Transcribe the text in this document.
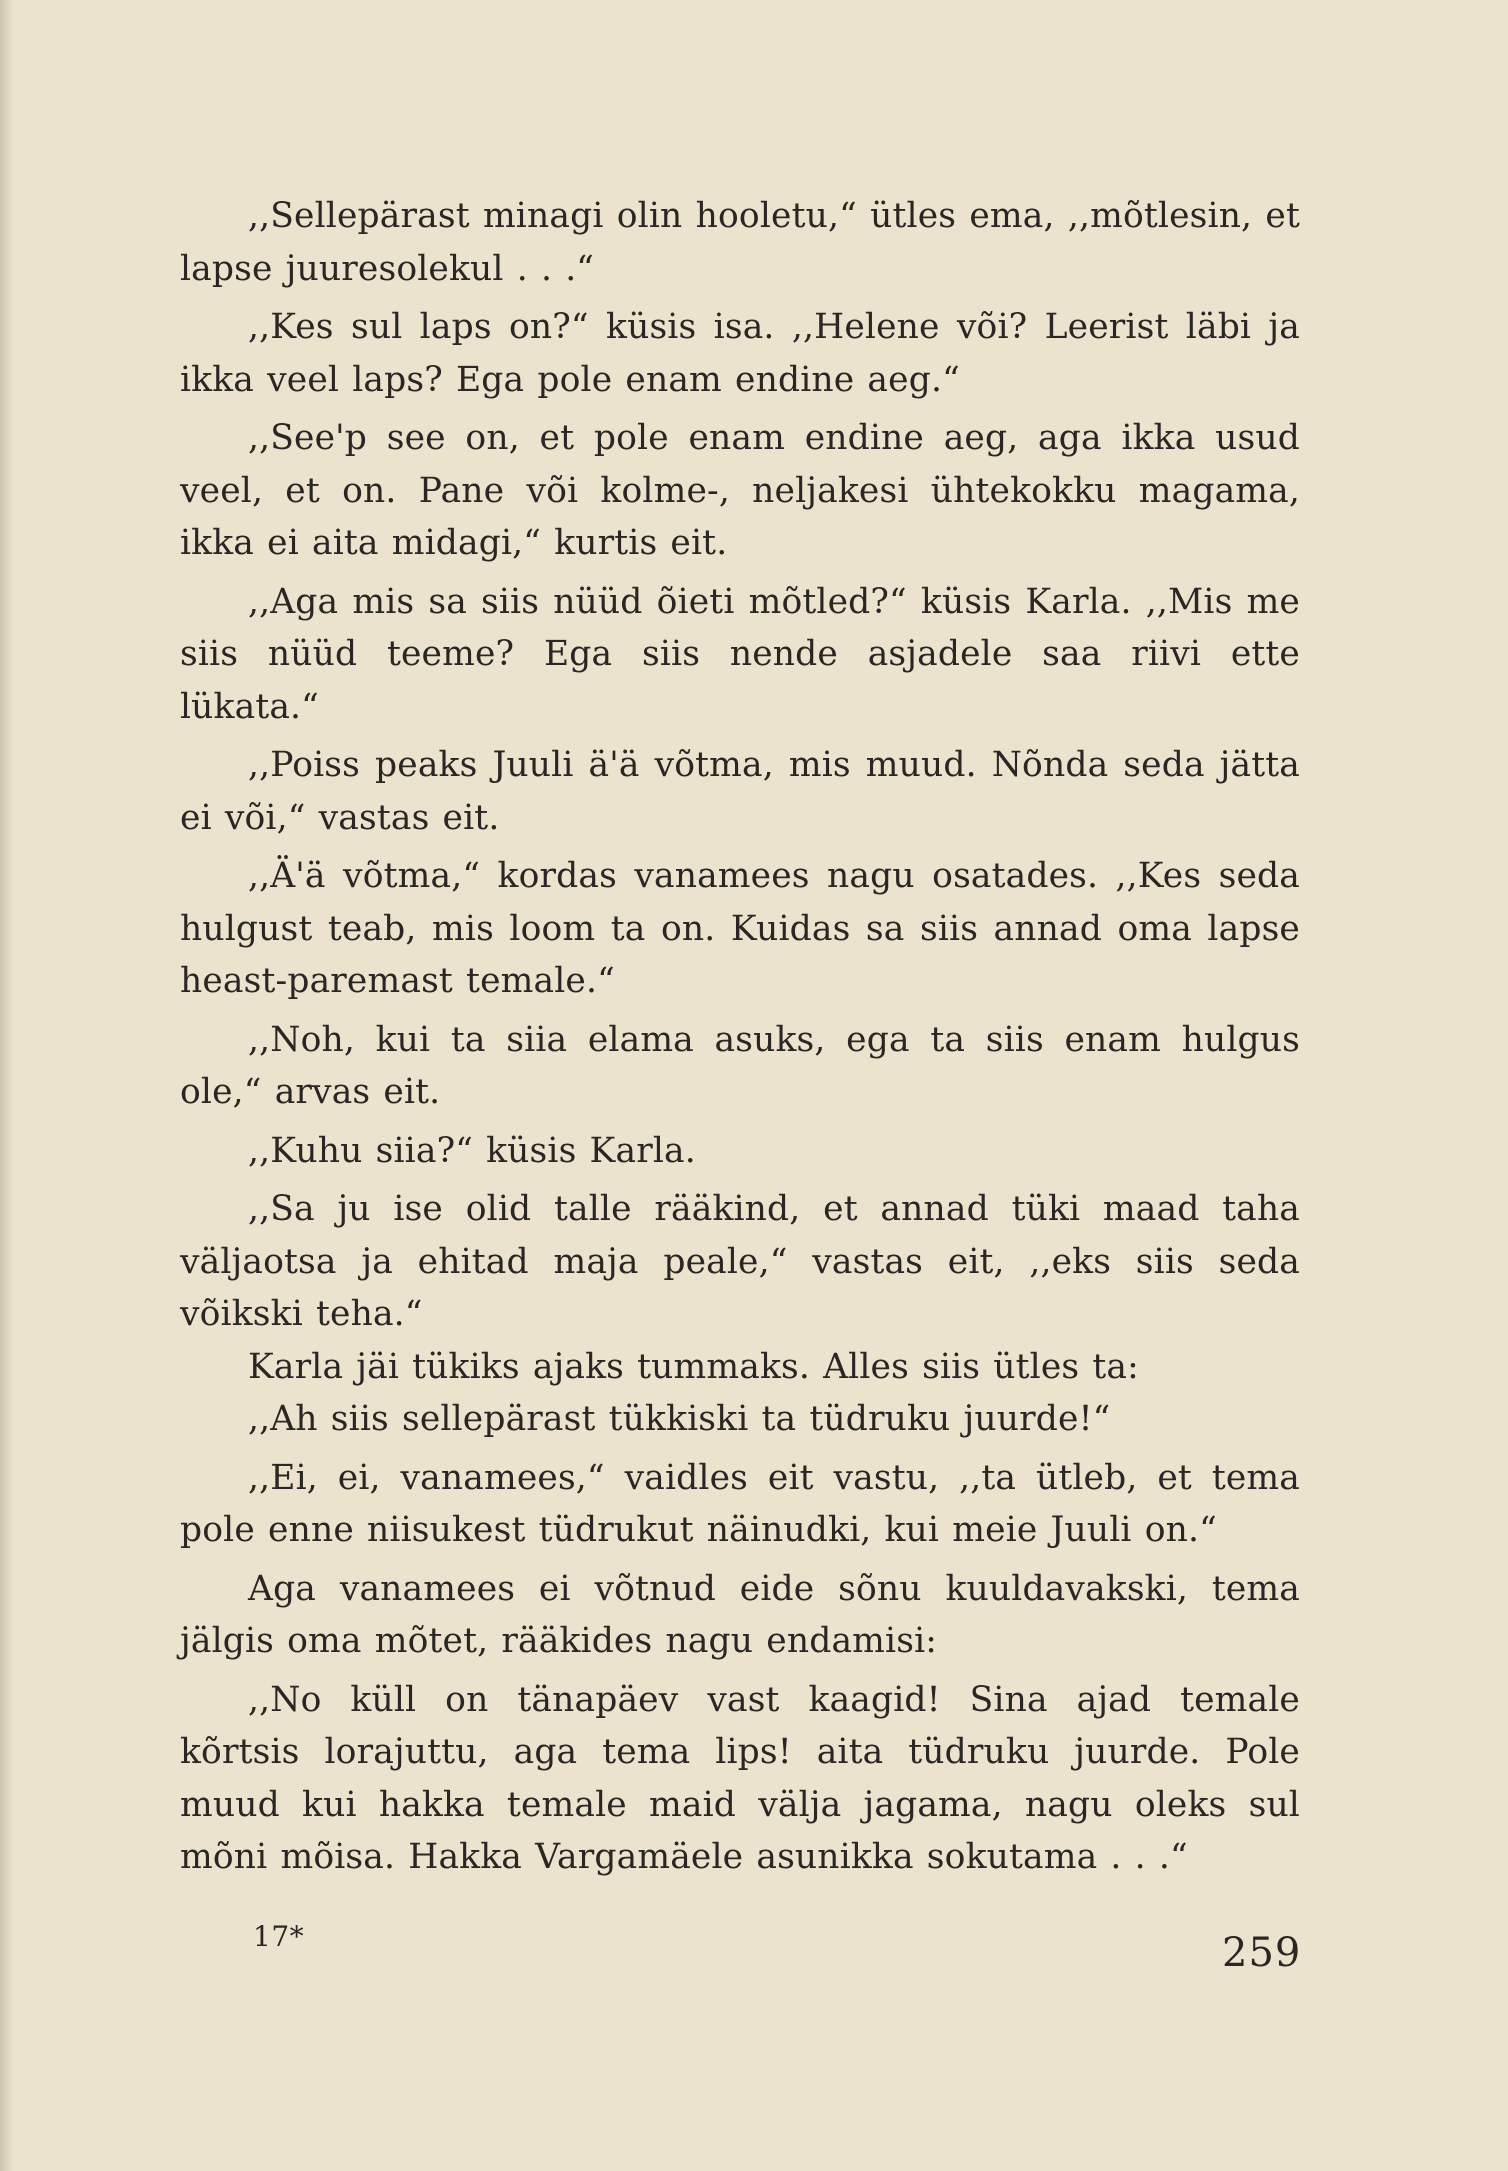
,,Sellepärast minagi olin hooletu,“ ütles ema, ,,mõtlesin, et lapse juuresolekul . . .“

,,Kes sul laps on?“ küsis isa. ,,Helene või? Leerist läbi ja ikka veel laps? Ega pole enam endine aeg.“

,,See'p see on, et pole enam endine aeg, aga ikka usud veel, et on. Pane või kolme-, neljakesi ühtekokku magama, ikka ei aita midagi,“ kurtis eit.

,,Aga mis sa siis nüüd õieti mõtled?“ küsis Karla. ,,Mis me siis nüüd teeme? Ega siis nende asjadele saa riivi ette lükata.“

,,Poiss peaks Juuli ä'ä võtma, mis muud. Nõnda seda jätta ei või,“ vastas eit.

,,Ä'ä võtma,“ kordas vanamees nagu osatades. ,,Kes seda hulgust teab, mis loom ta on. Kuidas sa siis annad oma lapse heast-paremast temale.“

,,Noh, kui ta siia elama asuks, ega ta siis enam hulgus ole,“ arvas eit.

,,Kuhu siia?“ küsis Karla.

,,Sa ju ise olid talle rääkind, et annad tüki maad taha väljaotsa ja ehitad maja peale,“ vastas eit, ,,eks siis seda võikski teha.“

Karla jäi tükiks ajaks tummaks. Alles siis ütles ta:

,,Ah siis sellepärast tükkiski ta tüdruku juurde!“

,,Ei, ei, vanamees,“ vaidles eit vastu, ,,ta ütleb, et tema pole enne niisukest tüdrukut näinudki, kui meie Juuli on.“

Aga vanamees ei võtnud eide sõnu kuuldavakski, tema jälgis oma mõtet, rääkides nagu endamisi:

,,No küll on tänapäev vast kaagid! Sina ajad temale kõrtsis lorajuttu, aga tema lips! aita tüdruku juurde. Pole muud kui hakka temale maid välja jagama, nagu oleks sul mõni mõisa. Hakka Vargamäele asunikka sokutama . . .“

17*	259
